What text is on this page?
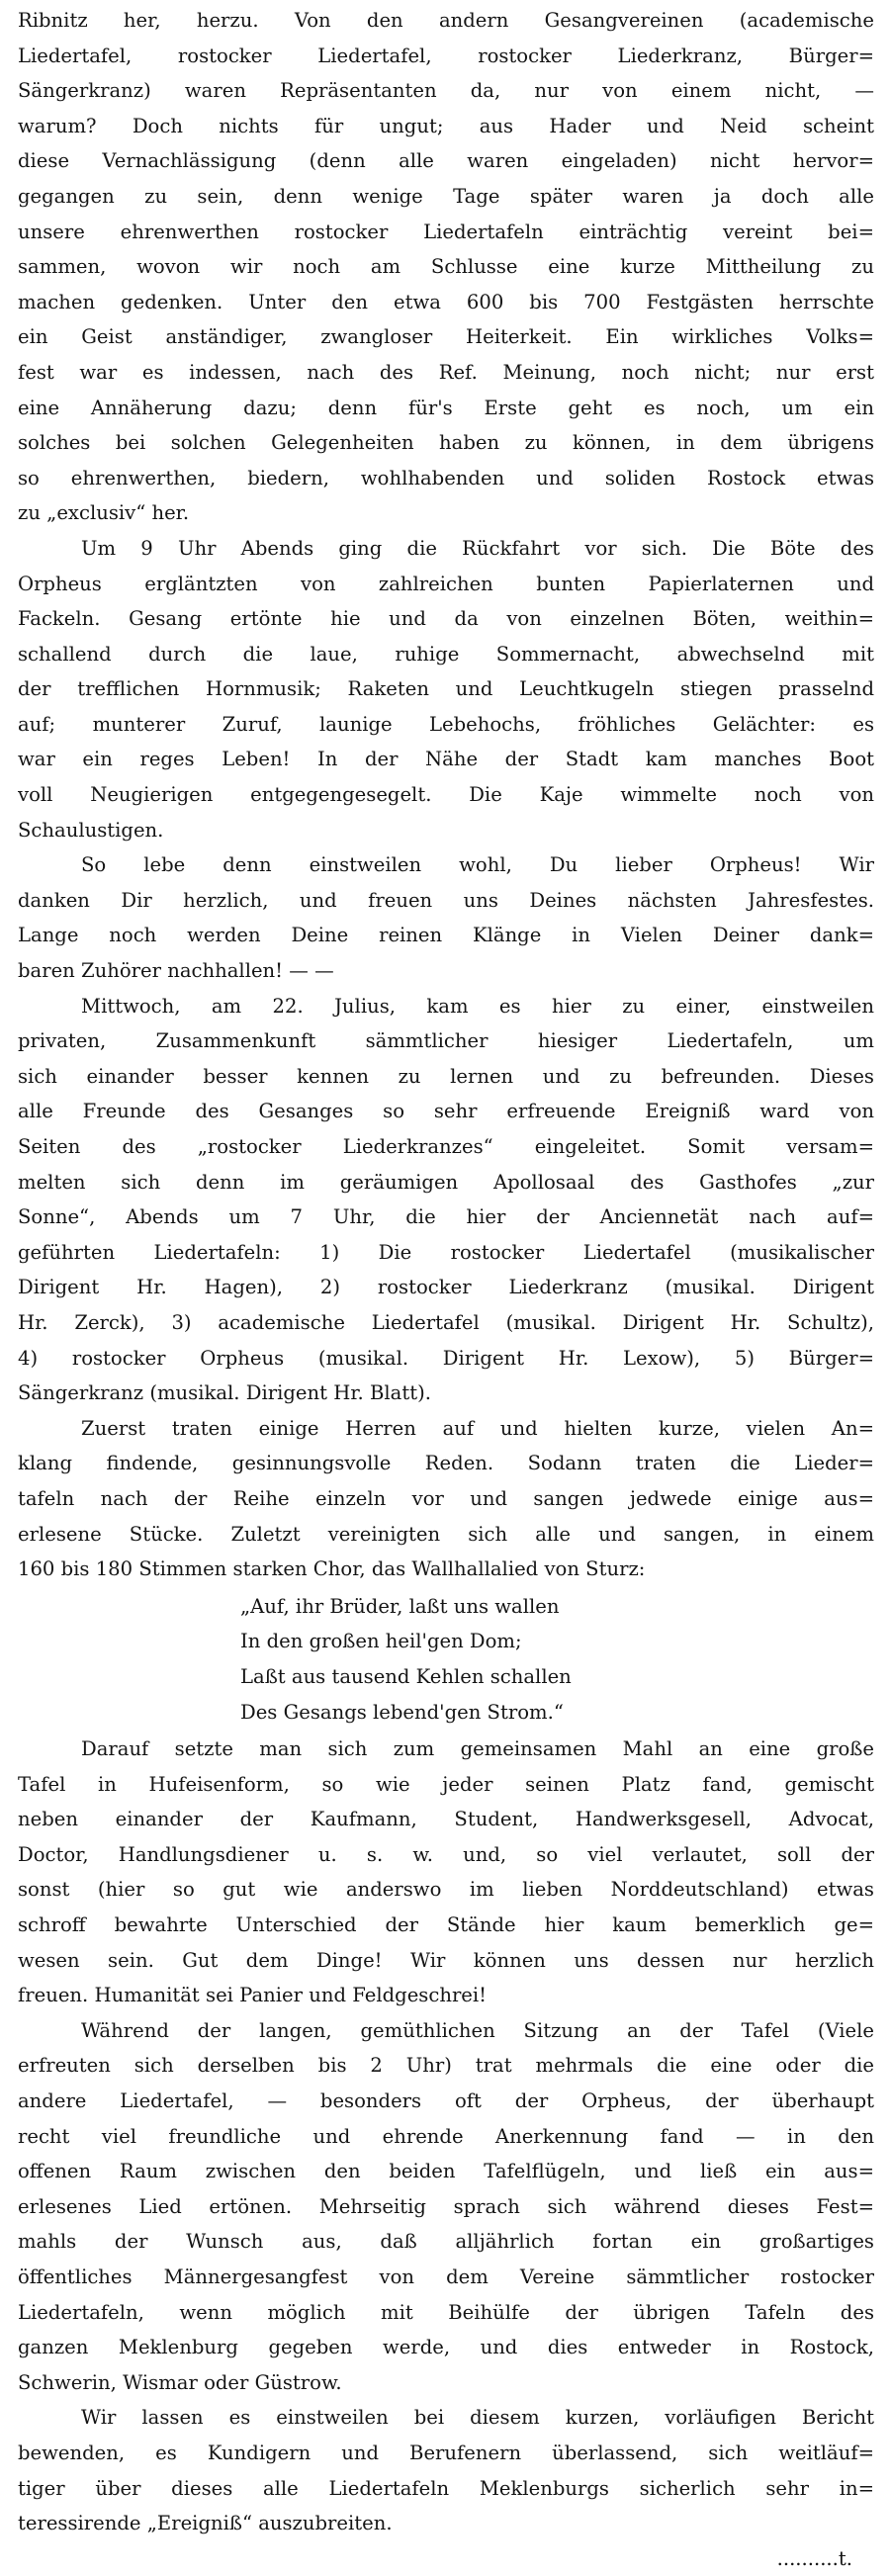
Ribnitz her, herzu. Von den andern Gesangvereinen (academische
Liedertafel, rostocker Liedertafel, rostocker Liederkranz, Bürger=
Sängerkranz) waren Repräsentanten da, nur von einem nicht, —
warum? Doch nichts für ungut; aus Hader und Neid scheint
diese Vernachlässigung (denn alle waren eingeladen) nicht hervor=
gegangen zu sein, denn wenige Tage später waren ja doch alle
unsere ehrenwerthen rostocker Liedertafeln einträchtig vereint bei=
sammen, wovon wir noch am Schlusse eine kurze Mittheilung zu
machen gedenken. Unter den etwa 600 bis 700 Festgästen herrschte
ein Geist anständiger, zwangloser Heiterkeit. Ein wirkliches Volks=
fest war es indessen, nach des Ref. Meinung, noch nicht; nur erst
eine Annäherung dazu; denn für's Erste geht es noch, um ein
solches bei solchen Gelegenheiten haben zu können, in dem übrigens
so ehrenwerthen, biedern, wohlhabenden und soliden Rostock etwas
zu „exclusiv“ her.
Um 9 Uhr Abends ging die Rückfahrt vor sich. Die Böte des
Orpheus ergläntzten von zahlreichen bunten Papierlaternen und
Fackeln. Gesang ertönte hie und da von einzelnen Böten, weithin=
schallend durch die laue, ruhige Sommernacht, abwechselnd mit
der trefflichen Hornmusik; Raketen und Leuchtkugeln stiegen prasselnd
auf; munterer Zuruf, launige Lebehochs, fröhliches Gelächter: es
war ein reges Leben! In der Nähe der Stadt kam manches Boot
voll Neugierigen entgegengesegelt. Die Kaje wimmelte noch von
Schaulustigen.
So lebe denn einstweilen wohl, Du lieber Orpheus! Wir
danken Dir herzlich, und freuen uns Deines nächsten Jahresfestes.
Lange noch werden Deine reinen Klänge in Vielen Deiner dank=
baren Zuhörer nachhallen! — —
Mittwoch, am 22. Julius, kam es hier zu einer, einstweilen
privaten, Zusammenkunft sämmtlicher hiesiger Liedertafeln, um
sich einander besser kennen zu lernen und zu befreunden. Dieses
alle Freunde des Gesanges so sehr erfreuende Ereigniß ward von
Seiten des „rostocker Liederkranzes“ eingeleitet. Somit versam=
melten sich denn im geräumigen Apollosaal des Gasthofes „zur
Sonne“, Abends um 7 Uhr, die hier der Anciennetät nach auf=
geführten Liedertafeln: 1) Die rostocker Liedertafel (musikalischer
Dirigent Hr. Hagen), 2) rostocker Liederkranz (musikal. Dirigent
Hr. Zerck), 3) academische Liedertafel (musikal. Dirigent Hr. Schultz),
4) rostocker Orpheus (musikal. Dirigent Hr. Lexow), 5) Bürger=
Sängerkranz (musikal. Dirigent Hr. Blatt).
Zuerst traten einige Herren auf und hielten kurze, vielen An=
klang findende, gesinnungsvolle Reden. Sodann traten die Lieder=
tafeln nach der Reihe einzeln vor und sangen jedwede einige aus=
erlesene Stücke. Zuletzt vereinigten sich alle und sangen, in einem
160 bis 180 Stimmen starken Chor, das Wallhallalied von Sturz:
„Auf, ihr Brüder, laßt uns wallen
In den großen heil'gen Dom;
Laßt aus tausend Kehlen schallen
Des Gesangs lebend'gen Strom.“
Darauf setzte man sich zum gemeinsamen Mahl an eine große
Tafel in Hufeisenform, so wie jeder seinen Platz fand, gemischt
neben einander der Kaufmann, Student, Handwerksgesell, Advocat,
Doctor, Handlungsdiener u. s. w. und, so viel verlautet, soll der
sonst (hier so gut wie anderswo im lieben Norddeutschland) etwas
schroff bewahrte Unterschied der Stände hier kaum bemerklich ge=
wesen sein. Gut dem Dinge! Wir können uns dessen nur herzlich
freuen. Humanität sei Panier und Feldgeschrei!
Während der langen, gemüthlichen Sitzung an der Tafel (Viele
erfreuten sich derselben bis 2 Uhr) trat mehrmals die eine oder die
andere Liedertafel, — besonders oft der Orpheus, der überhaupt
recht viel freundliche und ehrende Anerkennung fand — in den
offenen Raum zwischen den beiden Tafelflügeln, und ließ ein aus=
erlesenes Lied ertönen. Mehrseitig sprach sich während dieses Fest=
mahls der Wunsch aus, daß alljährlich fortan ein großartiges
öffentliches Männergesangfest von dem Vereine sämmtlicher rostocker
Liedertafeln, wenn möglich mit Beihülfe der übrigen Tafeln des
ganzen Meklenburg gegeben werde, und dies entweder in Rostock,
Schwerin, Wismar oder Güstrow.
Wir lassen es einstweilen bei diesem kurzen, vorläufigen Bericht
bewenden, es Kundigern und Berufenern überlassend, sich weitläuf=
tiger über dieses alle Liedertafeln Meklenburgs sicherlich sehr in=
teressirende „Ereigniß“ auszubreiten.
..........t.
